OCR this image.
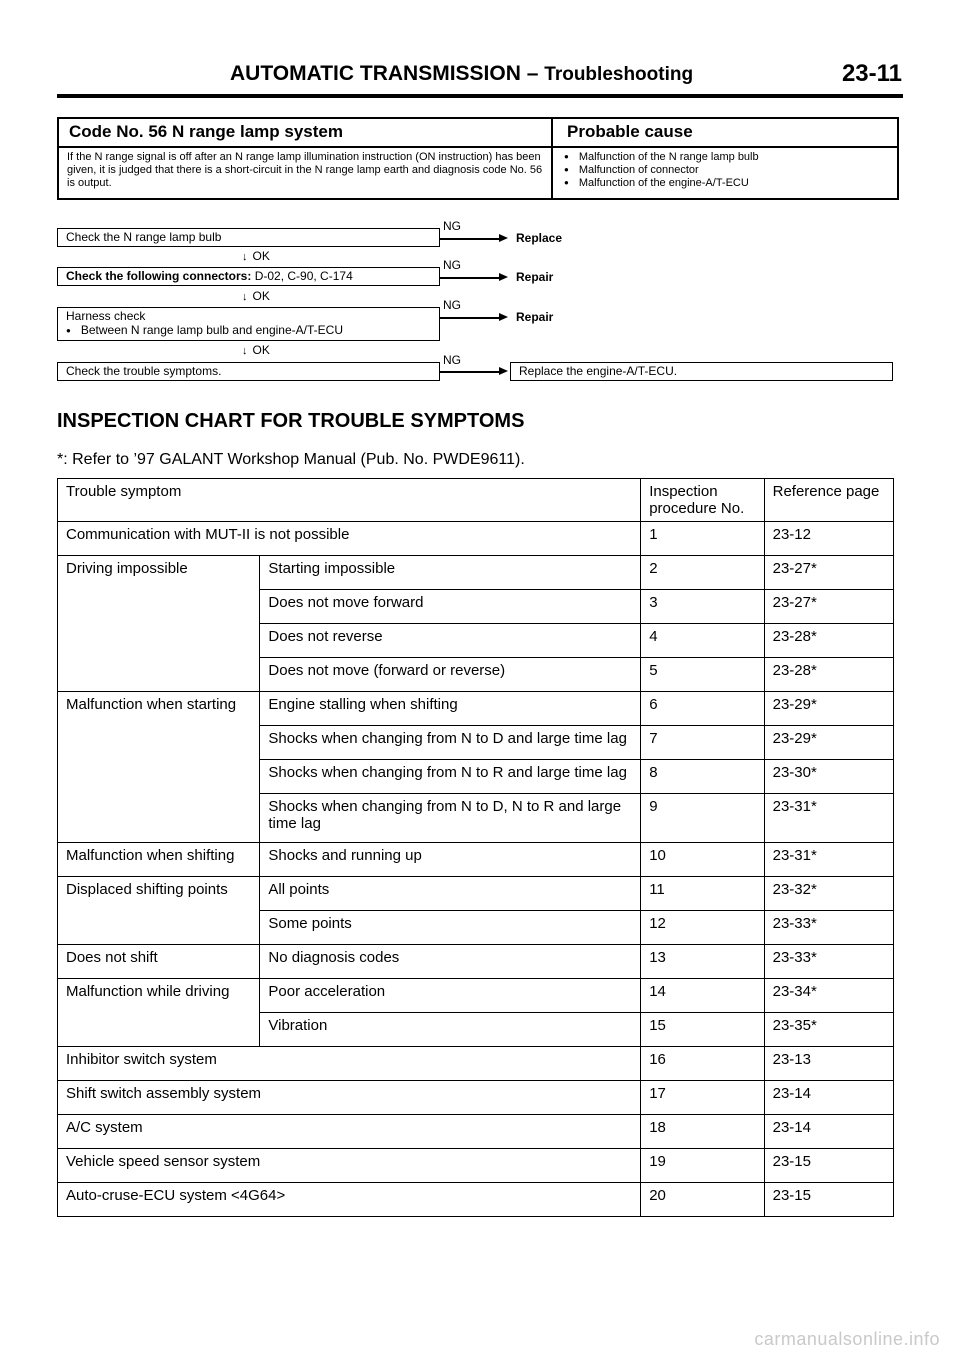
AUTOMATIC TRANSMISSION – Troubleshooting	23-11
Code No. 56 N range lamp system	Probable cause
If the N range signal is off after an N range lamp illumination instruction (ON instruction) has been given, it is judged that there is a short-circuit in the N range lamp earth and diagnosis code No. 56 is output.
● Malfunction of the N range lamp bulb
● Malfunction of connector
● Malfunction of the engine-A/T-ECU
Check the N range lamp bulb
NG
Replace
↓ OK
Check the following connectors: D-02, C-90, C-174
NG
Repair
↓ OK
Harness check
● Between N range lamp bulb and engine-A/T-ECU
NG
Repair
↓ OK
Check the trouble symptoms.
NG
Replace the engine-A/T-ECU.
INSPECTION CHART FOR TROUBLE SYMPTOMS
*: Refer to ’97 GALANT Workshop Manual (Pub. No. PWDE9611).
Trouble symptom		Inspection procedure No.	Reference page
Communication with MUT-II is not possible		1	23-12
Driving impossible	Starting impossible	2	23-27*
	Does not move forward	3	23-27*
	Does not reverse	4	23-28*
	Does not move (forward or reverse)	5	23-28*
Malfunction when starting	Engine stalling when shifting	6	23-29*
	Shocks when changing from N to D and large time lag	7	23-29*
	Shocks when changing from N to R and large time lag	8	23-30*
	Shocks when changing from N to D, N to R and large time lag	9	23-31*
Malfunction when shifting	Shocks and running up	10	23-31*
Displaced shifting points	All points	11	23-32*
	Some points	12	23-33*
Does not shift	No diagnosis codes	13	23-33*
Malfunction while driving	Poor acceleration	14	23-34*
	Vibration	15	23-35*
Inhibitor switch system		16	23-13
Shift switch assembly system		17	23-14
A/C system		18	23-14
Vehicle speed sensor system		19	23-15
Auto-cruse-ECU system <4G64>		20	23-15
carmanualsonline.info
